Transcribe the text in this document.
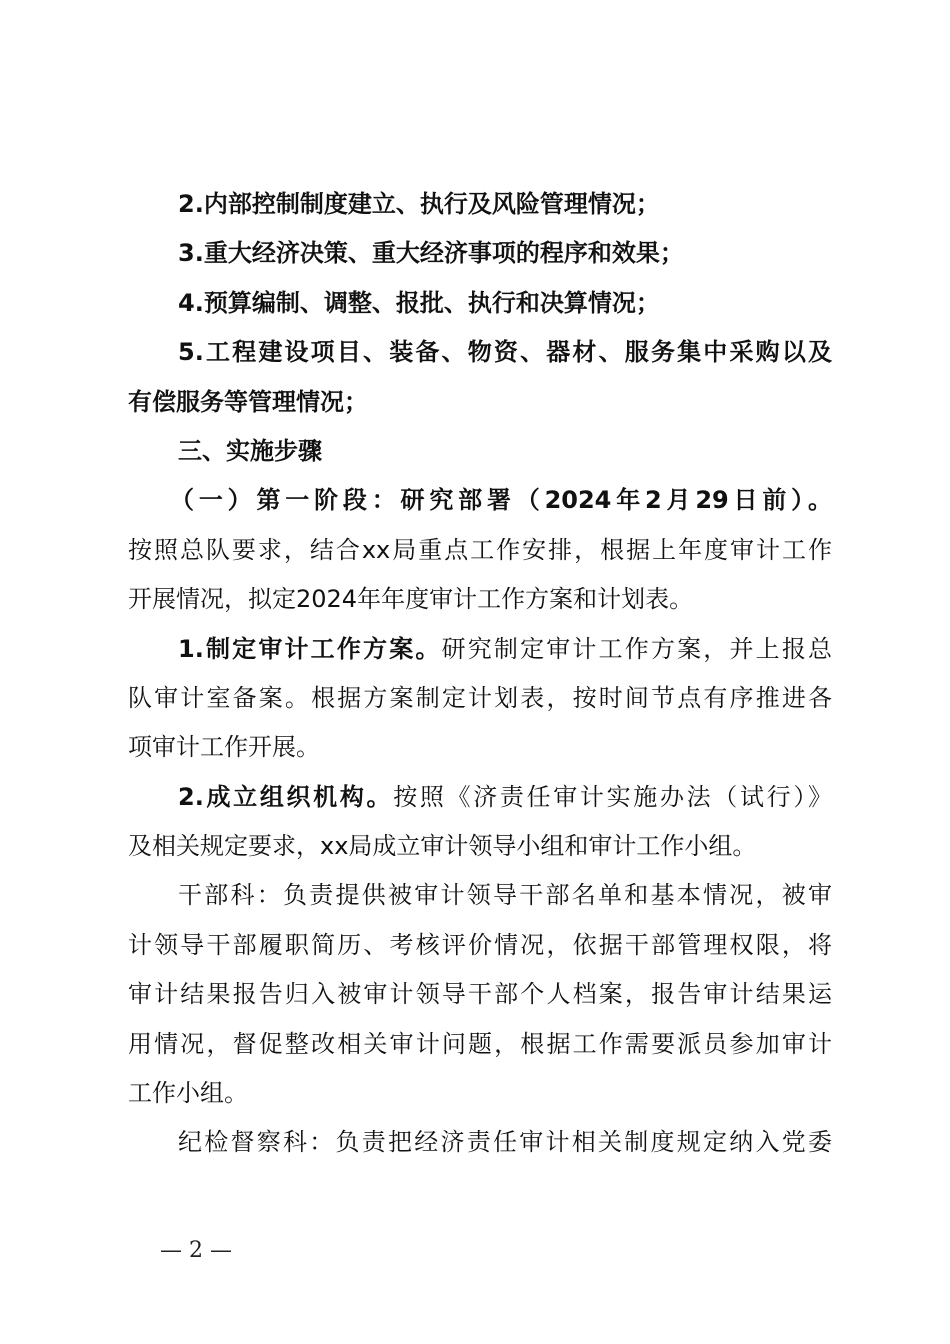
2.内部控制制度建立、执行及风险管理情况；
3.重大经济决策、重大经济事项的程序和效果；
4.预算编制、调整、报批、执行和决算情况；
5.工程建设项目、装备、物资、器材、服务集中采购以及
有偿服务等管理情况；
三、实施步骤
（一）第一阶段：研究部署（2024年2月29日前）。
按照总队要求，结合xx局重点工作安排，根据上年度审计工作
开展情况，拟定2024年年度审计工作方案和计划表。
1.制定审计工作方案。研究制定审计工作方案，并上报总
队审计室备案。根据方案制定计划表，按时间节点有序推进各
项审计工作开展。
2.成立组织机构。按照《济责任审计实施办法（试行）》
及相关规定要求，xx局成立审计领导小组和审计工作小组。
干部科：负责提供被审计领导干部名单和基本情况，被审
计领导干部履职简历、考核评价情况，依据干部管理权限，将
审计结果报告归入被审计领导干部个人档案，报告审计结果运
用情况，督促整改相关审计问题，根据工作需要派员参加审计
工作小组。
纪检督察科：负责把经济责任审计相关制度规定纳入党委
— 2 —
